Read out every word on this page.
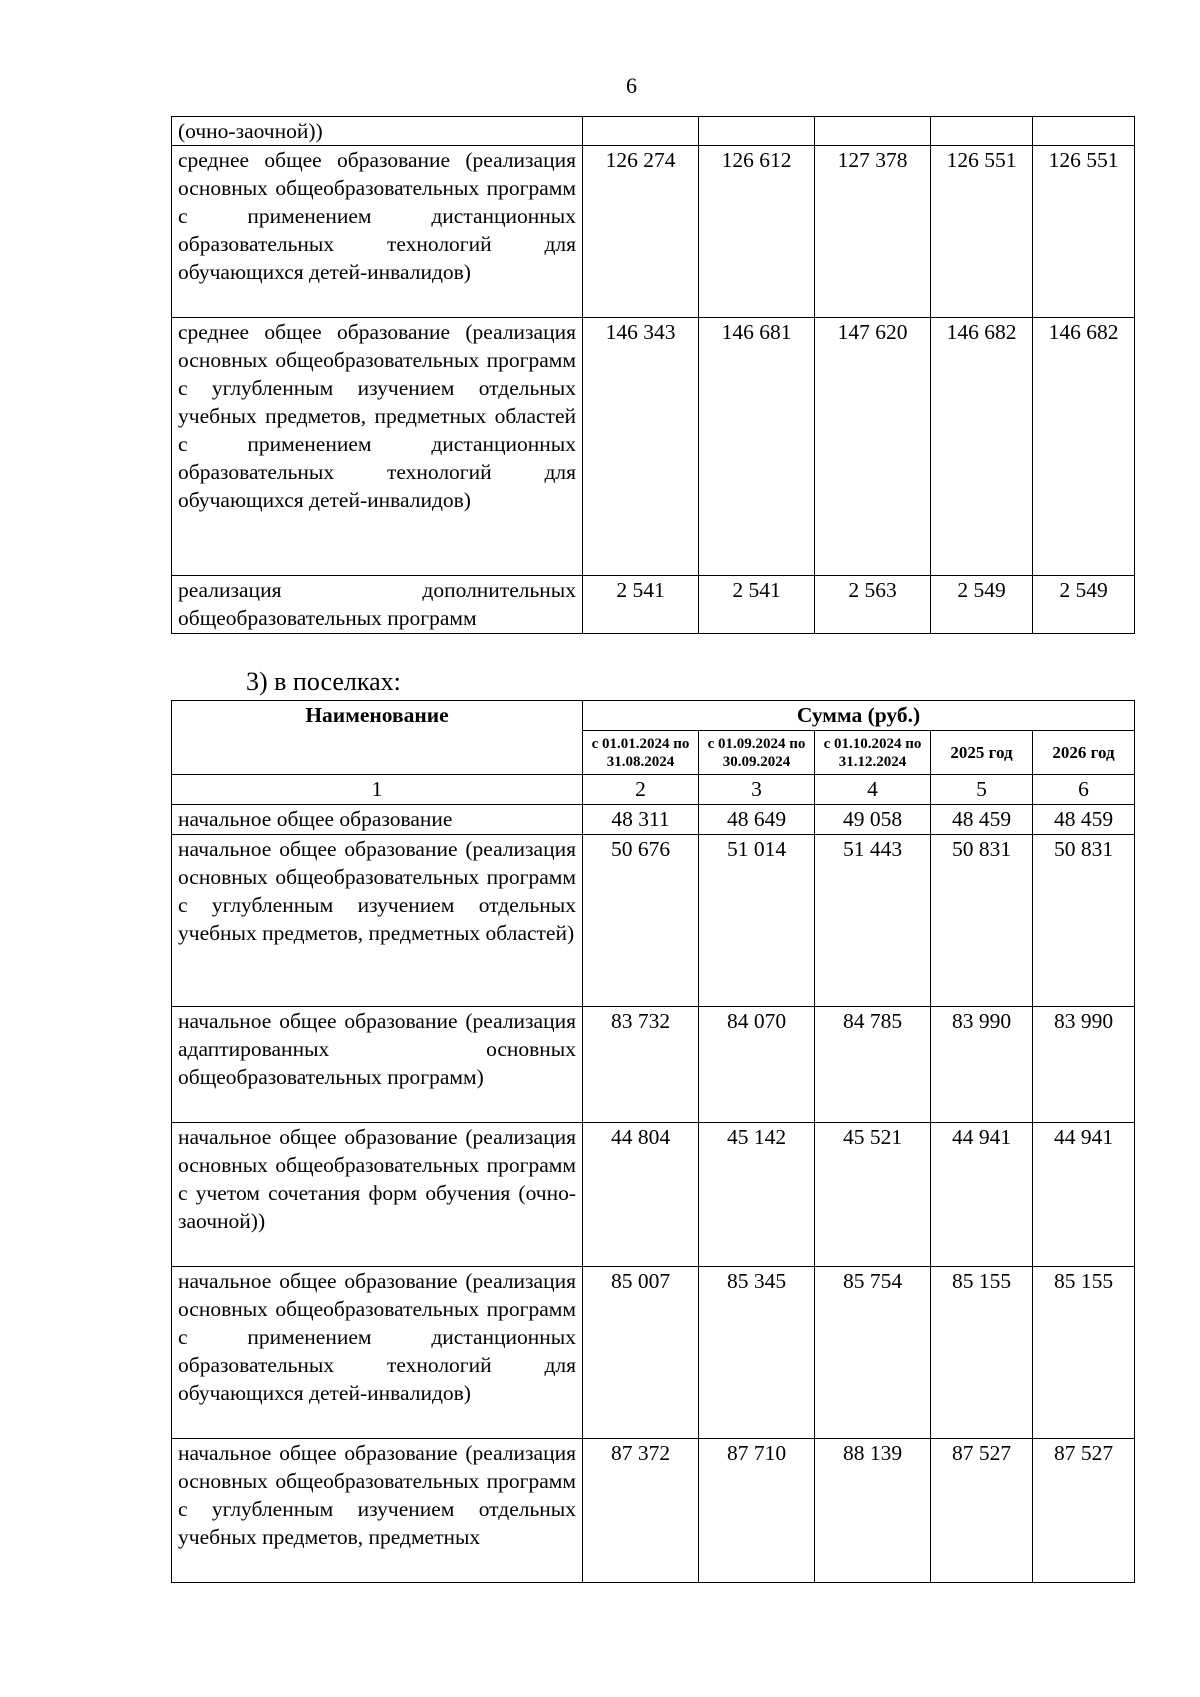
6
(очно-заочной))					
среднее общее образование (реализация основных общеобразовательных программ с применением дистанционных образовательных технологий для обучающихся детей-инвалидов)	126 274	126 612	127 378	126 551	126 551
среднее общее образование (реализация основных общеобразовательных программ с углубленным изучением отдельных учебных предметов, предметных областей с применением дистанционных образовательных технологий для обучающихся детей-инвалидов)	146 343	146 681	147 620	146 682	146 682
реализация дополнительных общеобразовательных программ	2 541	2 541	2 563	2 549	2 549
3) в поселках:
Наименование	Сумма (руб.)				
	с 01.01.2024 по 31.08.2024	с 01.09.2024 по 30.09.2024	с 01.10.2024 по 31.12.2024	2025 год	2026 год
1	2	3	4	5	6
начальное общее образование	48 311	48 649	49 058	48 459	48 459
начальное общее образование (реализация основных общеобразовательных программ с углубленным изучением отдельных учебных предметов, предметных областей)	50 676	51 014	51 443	50 831	50 831
начальное общее образование (реализация адаптированных основных общеобразовательных программ)	83 732	84 070	84 785	83 990	83 990
начальное общее образование (реализация основных общеобразовательных программ с учетом сочетания форм обучения (очно-заочной))	44 804	45 142	45 521	44 941	44 941
начальное общее образование (реализация основных общеобразовательных программ с применением дистанционных образовательных технологий для обучающихся детей-инвалидов)	85 007	85 345	85 754	85 155	85 155
начальное общее образование (реализация основных общеобразовательных программ с углубленным изучением отдельных учебных предметов, предметных	87 372	87 710	88 139	87 527	87 527
